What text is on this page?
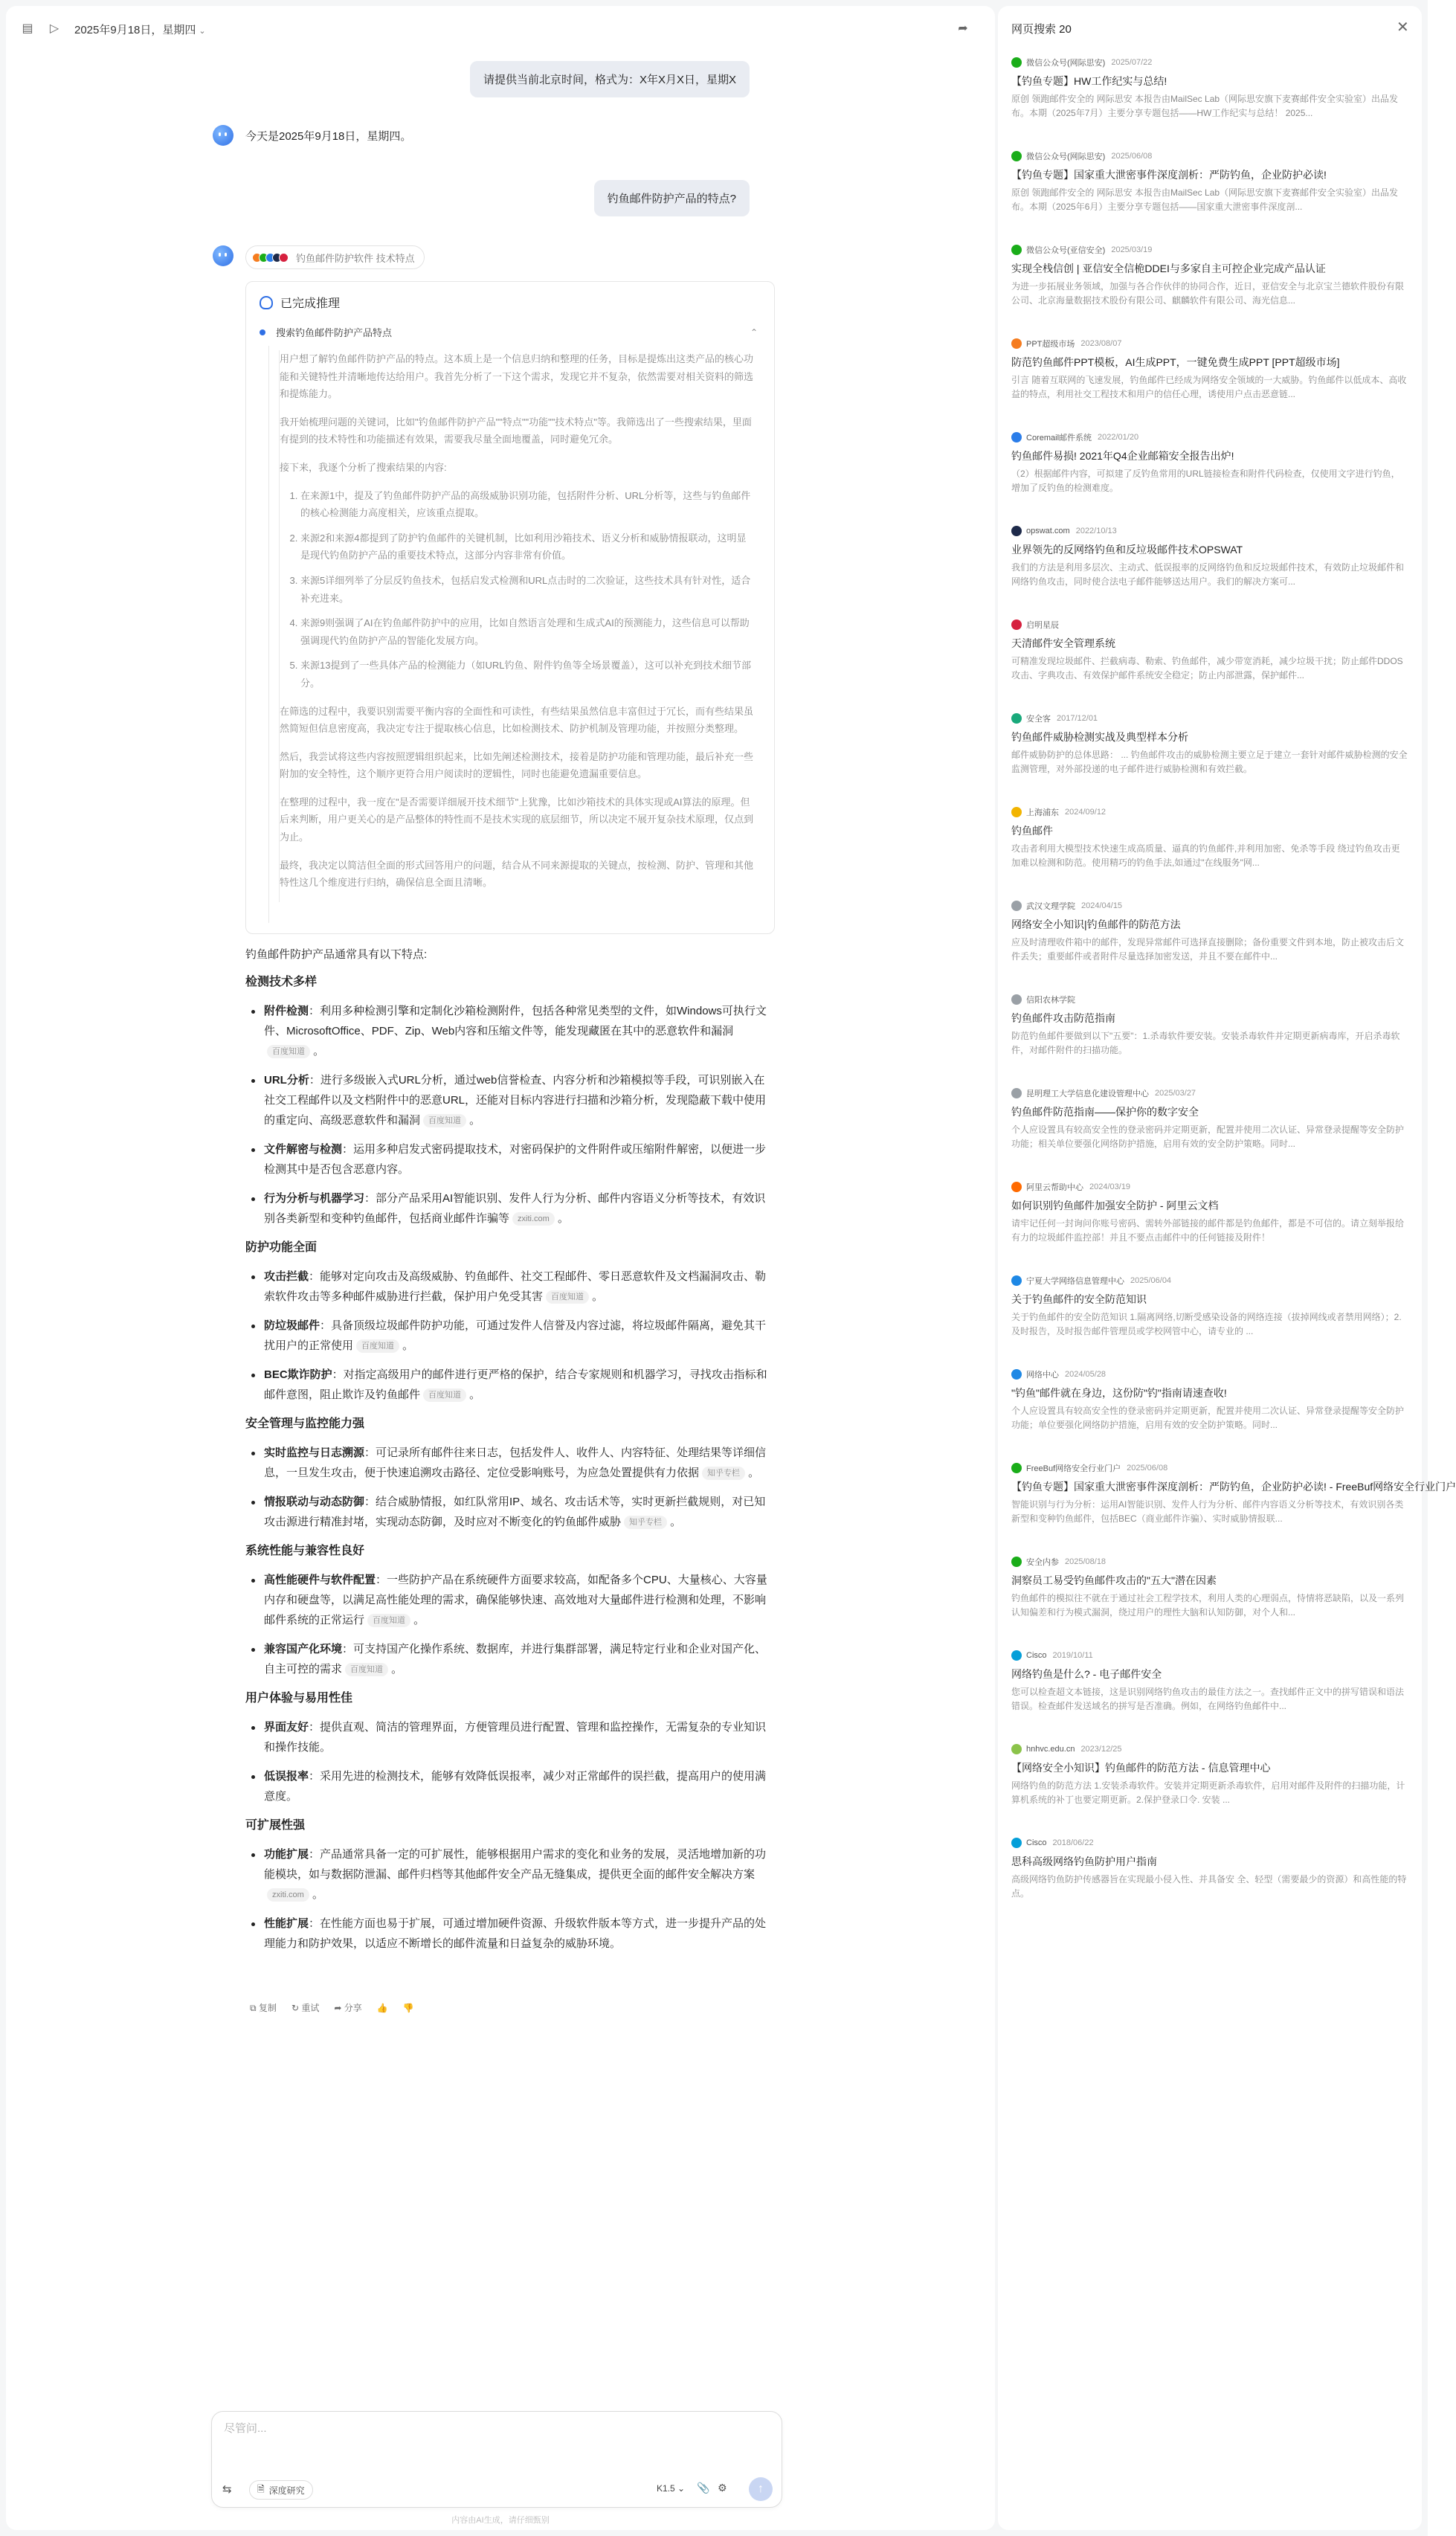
▤	▷	2025年9月18日，星期四 ⌄	➦
请提供当前北京时间，格式为：X年X月X日，星期X
今天是2025年9月18日，星期四。
钓鱼邮件防护产品的特点?
钓鱼邮件防护软件 技术特点
已完成推理
搜索钓鱼邮件防护产品特点	⌃

用户想了解钓鱼邮件防护产品的特点。这本质上是一个信息归纳和整理的任务，目标是提炼出这类产品的核心功能和关键特性并清晰地传达给用户。我首先分析了一下这个需求，发现它并不复杂，依然需要对相关资料的筛选和提炼能力。

我开始梳理问题的关键词，比如"钓鱼邮件防护产品""特点""功能""技术特点"等。我筛选出了一些搜索结果，里面有提到的技术特性和功能描述有效果，需要我尽量全面地覆盖，同时避免冗余。

接下来，我逐个分析了搜索结果的内容:

1. 在来源1中，提及了钓鱼邮件防护产品的高级威胁识别功能，包括附件分析、URL分析等，这些与钓鱼邮件的核心检测能力高度相关，应该重点提取。
2. 来源2和来源4都提到了防护钓鱼邮件的关键机制，比如利用沙箱技术、语义分析和威胁情报联动，这明显是现代钓鱼防护产品的重要技术特点，这部分内容非常有价值。
3. 来源5详细列举了分层反钓鱼技术，包括启发式检测和URL点击时的二次验证，这些技术具有针对性，适合补充进来。
4. 来源9则强调了AI在钓鱼邮件防护中的应用，比如自然语言处理和生成式AI的预测能力，这些信息可以帮助强调现代钓鱼防护产品的智能化发展方向。
5. 来源13提到了一些具体产品的检测能力（如URL钓鱼、附件钓鱼等全场景覆盖），这可以补充到技术细节部分。

在筛选的过程中，我要识别需要平衡内容的全面性和可读性，有些结果虽然信息丰富但过于冗长，而有些结果虽然简短但信息密度高，我决定专注于提取核心信息，比如检测技术、防护机制及管理功能，并按照分类整理。

然后，我尝试将这些内容按照逻辑组织起来，比如先阐述检测技术，接着是防护功能和管理功能，最后补充一些附加的安全特性，这个顺序更符合用户阅读时的逻辑性，同时也能避免遗漏重要信息。

在整理的过程中，我一度在"是否需要详细展开技术细节"上犹豫，比如沙箱技术的具体实现或AI算法的原理。但后来判断，用户更关心的是产品整体的特性而不是技术实现的底层细节，所以决定不展开复杂技术原理，仅点到为止。

最终，我决定以简洁但全面的形式回答用户的问题，结合从不同来源提取的关键点，按检测、防护、管理和其他特性这几个维度进行归纳，确保信息全面且清晰。

钓鱼邮件防护产品通常具有以下特点:
检测技术多样
附件检测：利用多种检测引擎和定制化沙箱检测附件，包括各种常见类型的文件，如Windows可执行文件、MicrosoftOffice、PDF、Zip、Web内容和压缩文件等，能发现藏匿在其中的恶意软件和漏洞百度知道 。
URL分析：进行多级嵌入式URL分析，通过web信誉检查、内容分析和沙箱模拟等手段，可识别嵌入在社交工程邮件以及文档附件中的恶意URL，还能对目标内容进行扫描和沙箱分析，发现隐蔽下载中使用的重定向、高级恶意软件和漏洞 百度知道 。
文件解密与检测：运用多种启发式密码提取技术，对密码保护的文件附件或压缩附件解密，以便进一步检测其中是否包含恶意内容。
行为分析与机器学习：部分产品采用AI智能识别、发件人行为分析、邮件内容语义分析等技术，有效识别各类新型和变种钓鱼邮件，包括商业邮件诈骗等 zxiti.com 。
防护功能全面
攻击拦截：能够对定向攻击及高级威胁、钓鱼邮件、社交工程邮件、零日恶意软件及文档漏洞攻击、勒索软件攻击等多种邮件威胁进行拦截，保护用户免受其害 百度知道 。
防垃圾邮件：具备顶级垃圾邮件防护功能，可通过发件人信誉及内容过滤，将垃圾邮件隔离，避免其干扰用户的正常使用 百度知道 。
BEC欺诈防护：对指定高级用户的邮件进行更严格的保护，结合专家规则和机器学习，寻找攻击指标和邮件意图，阻止欺诈及钓鱼邮件 百度知道 。
安全管理与监控能力强
实时监控与日志溯源：可记录所有邮件往来日志，包括发件人、收件人、内容特征、处理结果等详细信息，一旦发生攻击，便于快速追溯攻击路径、定位受影响账号，为应急处置提供有力依据 知乎专栏 。
情报联动与动态防御：结合威胁情报，如红队常用IP、域名、攻击话术等，实时更新拦截规则，对已知攻击源进行精准封堵，实现动态防御，及时应对不断变化的钓鱼邮件威胁 知乎专栏 。
系统性能与兼容性良好
高性能硬件与软件配置：一些防护产品在系统硬件方面要求较高，如配备多个CPU、大量核心、大容量内存和硬盘等，以满足高性能处理的需求，确保能够快速、高效地对大量邮件进行检测和处理，不影响邮件系统的正常运行 百度知道 。
兼容国产化环境：可支持国产化操作系统、数据库，并进行集群部署，满足特定行业和企业对国产化、自主可控的需求 百度知道 。
用户体验与易用性佳
界面友好：提供直观、简洁的管理界面，方便管理员进行配置、管理和监控操作，无需复杂的专业知识和操作技能。
低误报率：采用先进的检测技术，能够有效降低误报率，减少对正常邮件的误拦截，提高用户的使用满意度。
可扩展性强
功能扩展：产品通常具备一定的可扩展性，能够根据用户需求的变化和业务的发展，灵活地增加新的功能模块，如与数据防泄漏、邮件归档等其他邮件安全产品无缝集成，提供更全面的邮件安全解决方案zxiti.com 。
性能扩展：在性能方面也易于扩展，可通过增加硬件资源、升级软件版本等方式，进一步提升产品的处理能力和防护效果，以适应不断增长的邮件流量和日益复杂的威胁环境。
⧉ 复制 ↻ 重试 ➦ 分享 👍 👎
尽管问...
⇆	🗎 深度研究	K1.5 ⌄ 📎 ⚙	↑
内容由AI生成，请仔细甄别
网页搜索 20	✕
微信公众号(网际思安) 2025/07/22
【钓鱼专题】HW工作纪实与总结!
原创 领跑邮件安全的 网际思安 本报告由MailSec Lab（网际思安旗下麦赛邮件安全实验室）出品发布。本期（2025年7月）主要分享专题包括——HW工作纪实与总结！ 2025...
微信公众号(网际思安) 2025/06/08
【钓鱼专题】国家重大泄密事件深度剖析：严防钓鱼，企业防护必读!
原创 领跑邮件安全的 网际思安 本报告由MailSec Lab（网际思安旗下麦赛邮件安全实验室）出品发布。本期（2025年6月）主要分享专题包括——国家重大泄密事件深度剖...
微信公众号(亚信安全) 2025/03/19
实现全栈信创 | 亚信安全信桅DDEI与多家自主可控企业完成产品认证
为进一步拓展业务领域，加强与各合作伙伴的协同合作，近日，亚信安全与北京宝兰德软件股份有限公司、北京海量数据技术股份有限公司、麒麟软件有限公司、海光信息...
PPT超级市场 2023/08/07
防范钓鱼邮件PPT模板，AI生成PPT，一键免费生成PPT [PPT超级市场]
引言 随着互联网的飞速发展，钓鱼邮件已经成为网络安全领域的一大威胁。钓鱼邮件以低成本、高收益的特点，利用社交工程技术和用户的信任心理，诱使用户点击恶意链...
Coremail邮件系统 2022/01/20
钓鱼邮件易损! 2021年Q4企业邮箱安全报告出炉!
（2）根据邮件内容，可拟建了反钓鱼常用的URL链接检查和附件代码检查，仅使用文字进行钓鱼，增加了反钓鱼的检测难度。
opswat.com 2022/10/13
业界领先的反网络钓鱼和反垃圾邮件技术OPSWAT
我们的方法是利用多层次、主动式、低误报率的反网络钓鱼和反垃圾邮件技术，有效防止垃圾邮件和网络钓鱼攻击，同时使合法电子邮件能够送达用户。我们的解决方案可...
启明星辰
天清邮件安全管理系统
可精准发现垃圾邮件、拦截病毒、勒索、钓鱼邮件，减少带宽消耗，减少垃圾干扰；防止邮件DDOS攻击、字典攻击、有效保护邮件系统安全稳定；防止内部泄露，保护邮件...
安全客 2017/12/01
钓鱼邮件威胁检测实战及典型样本分析
邮件威胁防护的总体思路： ... 钓鱼邮件攻击的威胁检测主要立足于建立一套针对邮件威胁检测的安全监测管理，对外部投递的电子邮件进行威胁检测和有效拦截。
上海浦东 2024/09/12
钓鱼邮件
攻击者利用大模型技术快速生成高质量、逼真的钓鱼邮件,并利用加密、免杀等手段 绕过钓鱼攻击更加难以检测和防范。使用精巧的钓鱼手法,如通过"在线服务"网...
武汉文理学院 2024/04/15
网络安全小知识|钓鱼邮件的防范方法
应及时清理收件箱中的邮件，发现异常邮件可选择直接删除；备份重要文件到本地，防止被攻击后文件丢失；重要邮件或者附件尽量选择加密发送，并且不要在邮件中...
信阳农林学院
钓鱼邮件攻击防范指南
防范钓鱼邮件要做到以下"五要"：1.杀毒软件要安装。安装杀毒软件并定期更新病毒库，开启杀毒软件，对邮件附件的扫描功能。
昆明理工大学信息化建设管理中心 2025/03/27
钓鱼邮件防范指南——保护你的数字安全
个人应设置具有较高安全性的登录密码并定期更新，配置并使用二次认证、异常登录提醒等安全防护功能；相关单位要强化网络防护措施，启用有效的安全防护策略。同时...
阿里云帮助中心 2024/03/19
如何识别钓鱼邮件加强安全防护 - 阿里云文档
请牢记任何一封询问你账号密码、需转外部链接的邮件都是钓鱼邮件，都是不可信的。请立刻举报给有力的垃圾邮件监控部！并且不要点击邮件中的任何链接及附件！
宁夏大学网络信息管理中心 2025/06/04
关于钓鱼邮件的安全防范知识
关于钓鱼邮件的安全防范知识 1.隔离网络,切断受感染设备的网络连接（拔掉网线或者禁用网络）；2.及时报告，及时报告邮件管理员或学校网管中心，请专业的 ...
网络中心 2024/05/28
"钓鱼"邮件就在身边，这份防"钓"指南请速查收!
个人应设置具有较高安全性的登录密码并定期更新，配置并使用二次认证、异常登录提醒等安全防护功能；单位要强化网络防护措施，启用有效的安全防护策略。同时...
FreeBuf网络安全行业门户 2025/06/08
【钓鱼专题】国家重大泄密事件深度剖析：严防钓鱼，企业防护必读! - FreeBuf网络安全行业门户
智能识别与行为分析：运用AI智能识别、发件人行为分析、邮件内容语义分析等技术，有效识别各类新型和变种钓鱼邮件，包括BEC（商业邮件诈骗）、实时威胁情报联...
安全内参 2025/08/18
洞察员工易受钓鱼邮件攻击的"五大"潜在因素
钓鱼邮件的模拟往不就在于通过社会工程学技术，利用人类的心理弱点，恃情将恶缺陷，以及一系列认知偏差和行为模式漏洞，绕过用户的理性大脑和认知防御，对个人和...
Cisco 2019/10/11
网络钓鱼是什么? - 电子邮件安全
您可以检查超文本链接，这是识别网络钓鱼攻击的最佳方法之一。查找邮件正文中的拼写错误和语法错误。检查邮件发送域名的拼写是否准确。例如，在网络钓鱼邮件中...
hnhvc.edu.cn 2023/12/25
【网络安全小知识】钓鱼邮件的防范方法 - 信息管理中心
网络钓鱼的防范方法 1.安装杀毒软件。安装并定期更新杀毒软件，启用对邮件及附件的扫描功能，计算机系统的补丁也要定期更新。2.保护登录口令. 安装 ...
Cisco 2018/06/22
思科高级网络钓鱼防护用户指南
高级网络钓鱼防护传感器旨在实现最小侵入性、并具备安 全、轻型（需要最少的资源）和高性能的特点。
